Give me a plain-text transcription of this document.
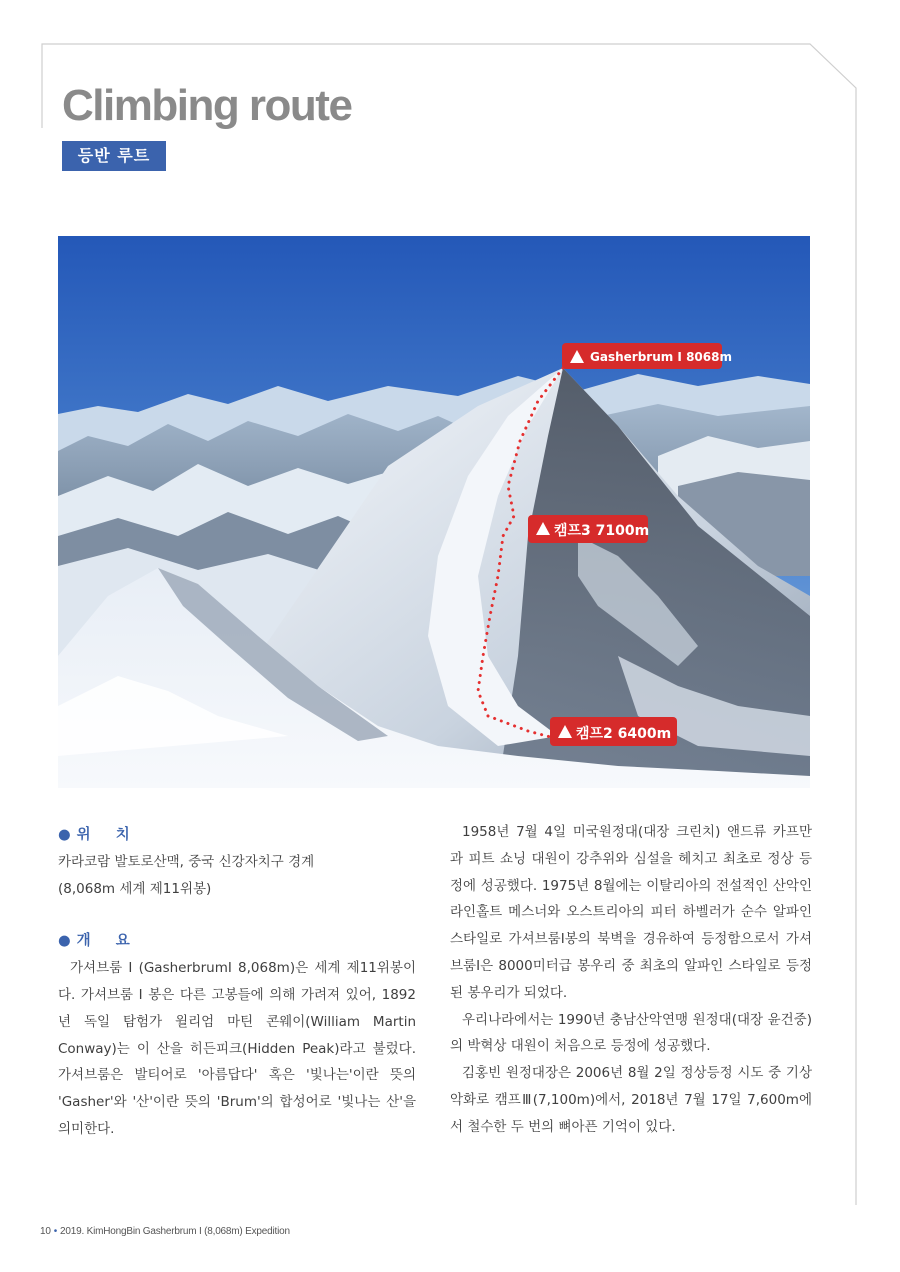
Climbing route
등반 루트
Gasherbrum I 8068m
캠프3 7100m
캠프2 6400m

● 위 치

카라코람 발토로산맥, 중국 신강자치구 경계

(8,068m 세계 제11위봉)

● 개 요

가셔브룸 I (GasherbrumI 8,068m)은 세계 제11위봉이다. 가셔브룸 I 봉은 다른 고봉들에 의해 가려져 있어, 1892년 독일 탐험가 윌리엄 마틴 콘웨이(William Martin Conway)는 이 산을 히든피크(Hidden Peak)라고 불렀다. 가셔브룸은 발티어로 '아름답다' 혹은 '빛나는'이란 뜻의 'Gasher'와 '산'이란 뜻의 'Brum'의 합성어로 '빛나는 산'을 의미한다.

1958년 7월 4일 미국원정대(대장 크린치) 앤드류 카프만 과 피트 쇼닝 대원이 강추위와 심설을 헤치고 최초로 정상 등정에 성공했다. 1975년 8월에는 이탈리아의 전설적인 산악인 라인홀트 메스너와 오스트리아의 피터 하벨러가 순수 알파인 스타일로 가셔브룸I봉의 북벽을 경유하여 등정함으로서 가셔브룸I은 8000미터급 봉우리 중 최초의 알파인 스타일로 등정된 봉우리가 되었다.

우리나라에서는 1990년 충남산악연맹 원정대(대장 윤건중)의 박혁상 대원이 처음으로 등정에 성공했다.

김홍빈 원정대장은 2006년 8월 2일 정상등정 시도 중 기상악화로 캠프Ⅲ(7,100m)에서, 2018년 7월 17일 7,600m에서 철수한 두 번의 뼈아픈 기억이 있다.

10 • 2019. KimHongBin Gasherbrum I (8,068m) Expedition
